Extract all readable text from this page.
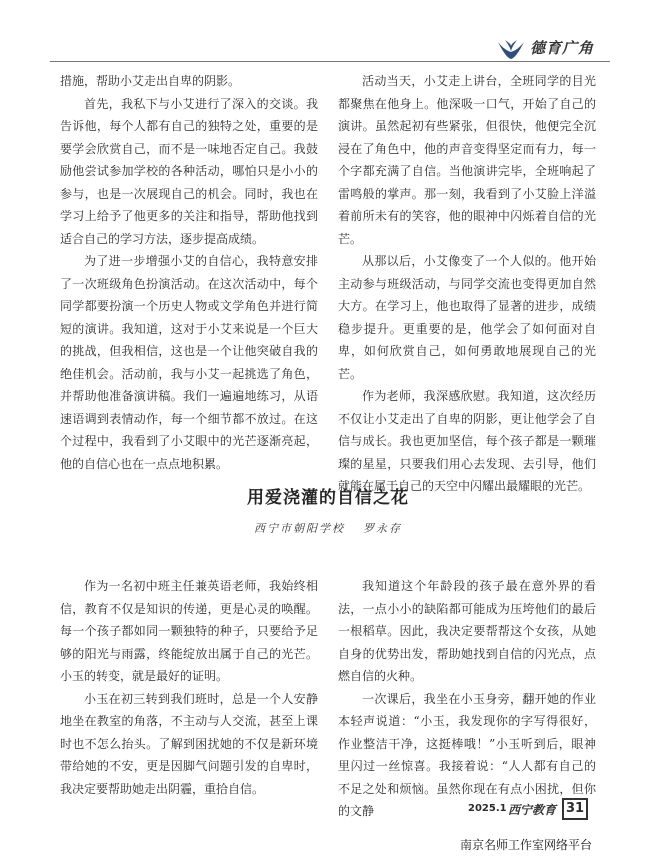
德育广角

措施，帮助小艾走出自卑的阴影。

首先，我私下与小艾进行了深入的交谈。我告诉他，每个人都有自己的独特之处，重要的是要学会欣赏自己，而不是一味地否定自己。我鼓励他尝试参加学校的各种活动，哪怕只是小小的参与，也是一次展现自己的机会。同时，我也在学习上给予了他更多的关注和指导，帮助他找到适合自己的学习方法，逐步提高成绩。

为了进一步增强小艾的自信心，我特意安排了一次班级角色扮演活动。在这次活动中，每个同学都要扮演一个历史人物或文学角色并进行简短的演讲。我知道，这对于小艾来说是一个巨大的挑战，但我相信，这也是一个让他突破自我的绝佳机会。活动前，我与小艾一起挑选了角色，并帮助他准备演讲稿。我们一遍遍地练习，从语速语调到表情动作，每一个细节都不放过。在这个过程中，我看到了小艾眼中的光芒逐渐亮起，他的自信心也在一点点地积累。

活动当天，小艾走上讲台，全班同学的目光都聚焦在他身上。他深吸一口气，开始了自己的演讲。虽然起初有些紧张，但很快，他便完全沉浸在了角色中，他的声音变得坚定而有力，每一个字都充满了自信。当他演讲完毕，全班响起了雷鸣般的掌声。那一刻，我看到了小艾脸上洋溢着前所未有的笑容，他的眼神中闪烁着自信的光芒。

从那以后，小艾像变了一个人似的。他开始主动参与班级活动，与同学交流也变得更加自然大方。在学习上，他也取得了显著的进步，成绩稳步提升。更重要的是，他学会了如何面对自卑，如何欣赏自己，如何勇敢地展现自己的光芒。

作为老师，我深感欣慰。我知道，这次经历不仅让小艾走出了自卑的阴影，更让他学会了自信与成长。我也更加坚信，每个孩子都是一颗璀璨的星星，只要我们用心去发现、去引导，他们就能在属于自己的天空中闪耀出最耀眼的光芒。

用爱浇灌的自信之花
西宁市朝阳学校 罗永存

作为一名初中班主任兼英语老师，我始终相信，教育不仅是知识的传递，更是心灵的唤醒。每一个孩子都如同一颗独特的种子，只要给予足够的阳光与雨露，终能绽放出属于自己的光芒。小玉的转变，就是最好的证明。

小玉在初三转到我们班时，总是一个人安静地坐在教室的角落，不主动与人交流，甚至上课时也不怎么抬头。了解到困扰她的不仅是新环境带给她的不安，更是因脚气问题引发的自卑时，我决定要帮助她走出阴霾，重拾自信。

我知道这个年龄段的孩子最在意外界的看法，一点小小的缺陷都可能成为压垮他们的最后一根稻草。因此，我决定要帮帮这个女孩，从她自身的优势出发，帮助她找到自信的闪光点，点燃自信的火种。

一次课后，我坐在小玉身旁，翻开她的作业本轻声说道：“小玉，我发现你的字写得很好，作业整洁干净，这挺棒哦！”小玉听到后，眼神里闪过一丝惊喜。我接着说：“人人都有自己的不足之处和烦恼。虽然你现在有点小困扰，但你的文静	2025.1 西宁教育 31
南京名师工作室网络平台
